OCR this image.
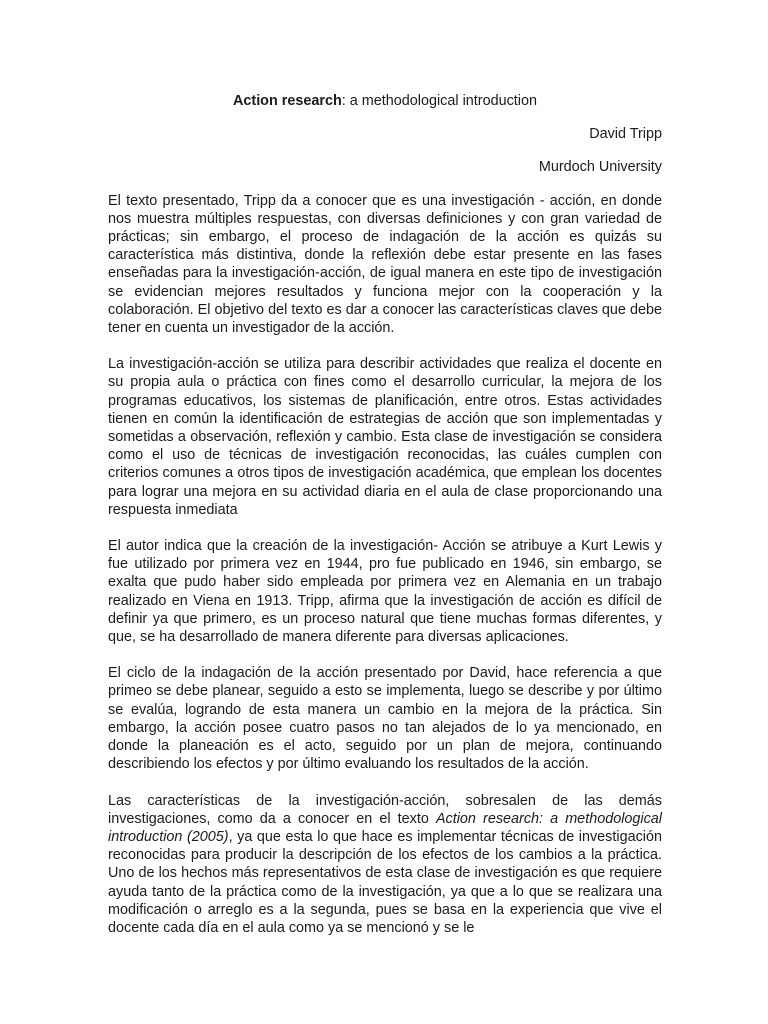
Action research: a methodological introduction

David Tripp

Murdoch University

El texto presentado, Tripp da a conocer que es una investigación - acción, en donde nos muestra múltiples respuestas, con diversas definiciones y con gran variedad de prácticas; sin embargo, el proceso de indagación de la acción es quizás su característica más distintiva, donde la reflexión debe estar presente en las fases enseñadas para la investigación-acción, de igual manera en este tipo de investigación se evidencian mejores resultados y funciona mejor con la cooperación y la colaboración. El objetivo del texto es dar a conocer las características claves que debe tener en cuenta un investigador de la acción.

La investigación-acción se utiliza para describir actividades que realiza el docente en su propia aula o práctica con fines como el desarrollo curricular, la mejora de los programas educativos, los sistemas de planificación, entre otros. Estas actividades tienen en común la identificación de estrategias de acción que son implementadas y sometidas a observación, reflexión y cambio. Esta clase de investigación se considera como el uso de técnicas de investigación reconocidas, las cuáles cumplen con criterios comunes a otros tipos de investigación académica, que emplean los docentes para lograr una mejora en su actividad diaria en el aula de clase proporcionando una respuesta inmediata

El autor indica que la creación de la investigación- Acción se atribuye a Kurt Lewis y fue utilizado por primera vez en 1944, pro fue publicado en 1946, sin embargo, se exalta que pudo haber sido empleada por primera vez en Alemania en un trabajo realizado en Viena en 1913. Tripp, afirma que la investigación de acción es difícil de definir ya que primero, es un proceso natural que tiene muchas formas diferentes, y que, se ha desarrollado de manera diferente para diversas aplicaciones.

El ciclo de la indagación de la acción presentado por David, hace referencia a que primeo se debe planear, seguido a esto se implementa, luego se describe y por último se evalúa, logrando de esta manera un cambio en la mejora de la práctica. Sin embargo, la acción posee cuatro pasos no tan alejados de lo ya mencionado, en donde la planeación es el acto, seguido por un plan de mejora, continuando describiendo los efectos y por último evaluando los resultados de la acción.

Las características de la investigación-acción, sobresalen de las demás investigaciones, como da a conocer en el texto Action research: a methodological introduction (2005), ya que esta lo que hace es implementar técnicas de investigación reconocidas para producir la descripción de los efectos de los cambios a la práctica. Uno de los hechos más representativos de esta clase de investigación es que requiere ayuda tanto de la práctica como de la investigación, ya que a lo que se realizara una modificación o arreglo es a la segunda, pues se basa en la experiencia que vive el docente cada día en el aula como ya se mencionó y se le
